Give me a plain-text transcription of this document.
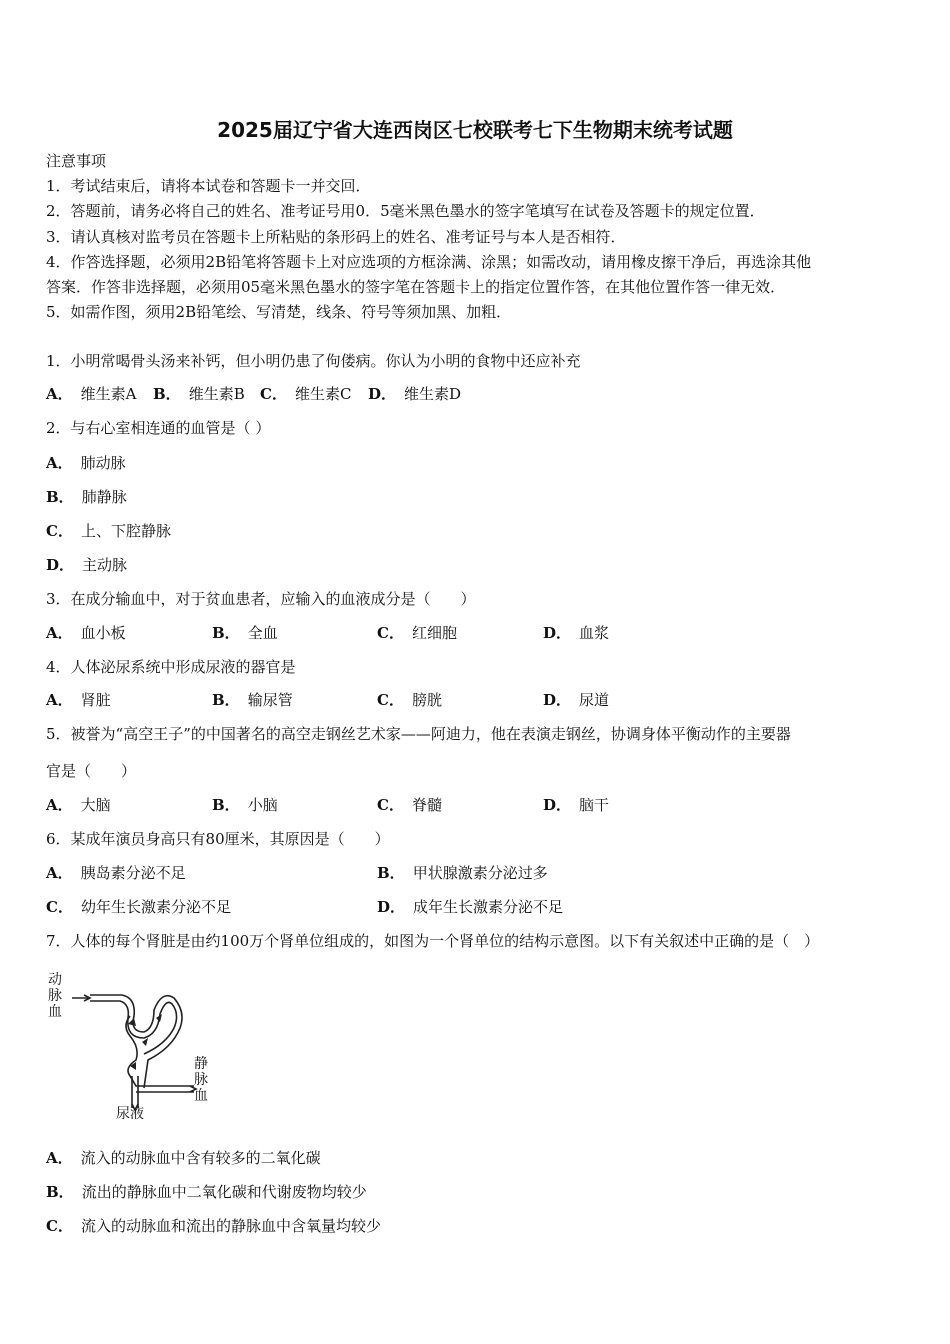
2025届辽宁省大连西岗区七校联考七下生物期末统考试题
注意事项
1．考试结束后，请将本试卷和答题卡一并交回．
2．答题前，请务必将自己的姓名、准考证号用0．5毫米黑色墨水的签字笔填写在试卷及答题卡的规定位置．
3．请认真核对监考员在答题卡上所粘贴的条形码上的姓名、准考证号与本人是否相符．
4．作答选择题，必须用2B铅笔将答题卡上对应选项的方框涂满、涂黑；如需改动，请用橡皮擦干净后，再选涂其他
答案．作答非选择题，必须用05毫米黑色墨水的签字笔在答题卡上的指定位置作答，在其他位置作答一律无效．
5．如需作图，须用2B铅笔绘、写清楚，线条、符号等须加黑、加粗．
1．小明常喝骨头汤来补钙，但小明仍患了佝偻病。你认为小明的食物中还应补充
A． 维生素A B． 维生素B C． 维生素C D． 维生素D
2．与右心室相连通的血管是（ ）
A． 肺动脉
B． 肺静脉
C． 上、下腔静脉
D． 主动脉
3．在成分输血中，对于贫血患者，应输入的血液成分是（　　）
A． 血小板	B． 全血	C． 红细胞	D． 血浆
4．人体泌尿系统中形成尿液的器官是
A． 肾脏	B． 输尿管	C． 膀胱	D． 尿道
5．被誉为“高空王子”的中国著名的高空走钢丝艺术家——阿迪力，他在表演走钢丝，协调身体平衡动作的主要器
官是（　　）
A． 大脑	B． 小脑	C． 脊髓	D． 脑干
6．某成年演员身高只有80厘米，其原因是（　　）
A． 胰岛素分泌不足	B． 甲状腺激素分泌过多
C． 幼年生长激素分泌不足	D． 成年生长激素分泌不足
7．人体的每个肾脏是由约100万个肾单位组成的，如图为一个肾单位的结构示意图。以下有关叙述中正确的是（　）
动脉血
静脉血
尿液
A． 流入的动脉血中含有较多的二氧化碳
B． 流出的静脉血中二氧化碳和代谢废物均较少
C． 流入的动脉血和流出的静脉血中含氧量均较少
